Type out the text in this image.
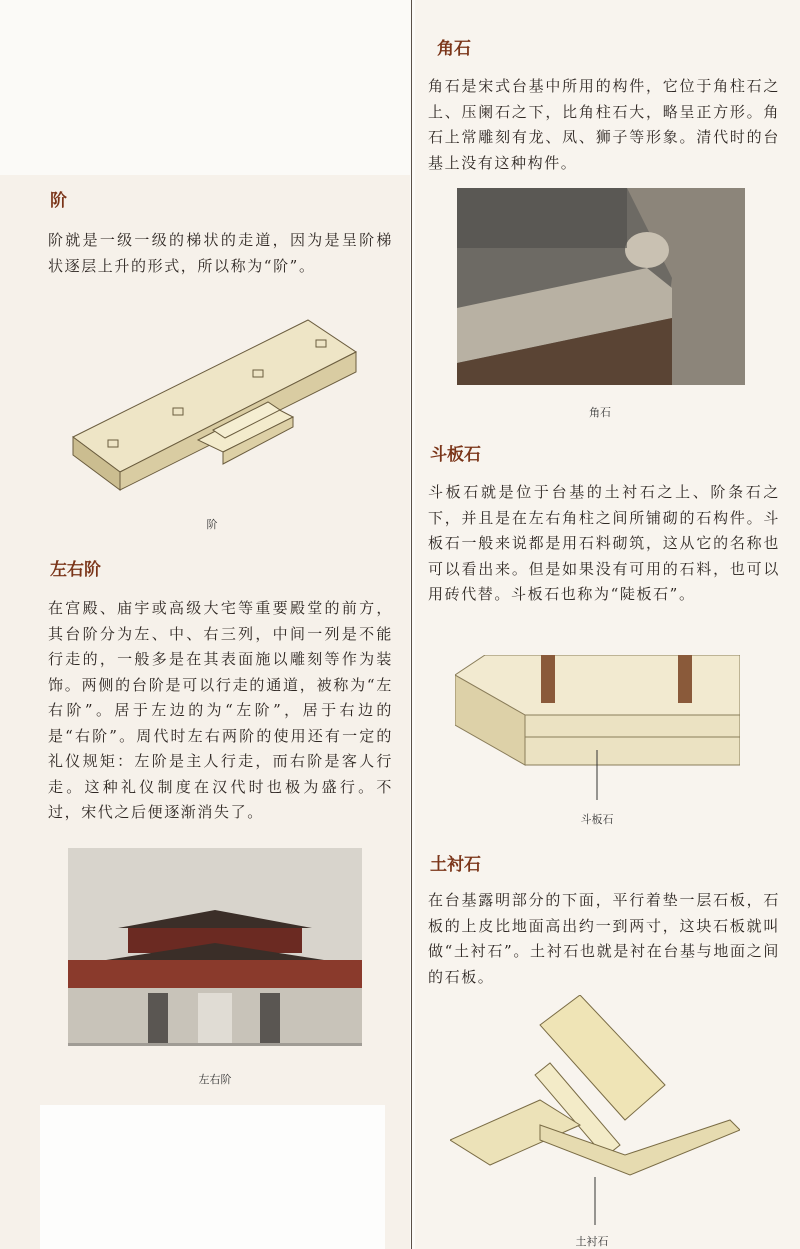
阶
阶就是一级一级的梯状的走道，因为是呈阶梯状逐层上升的形式，所以称为“阶”。
阶
左右阶
在宫殿、庙宇或高级大宅等重要殿堂的前方，其台阶分为左、中、右三列，中间一列是不能行走的，一般多是在其表面施以雕刻等作为装饰。两侧的台阶是可以行走的通道，被称为“左右阶”。居于左边的为“左阶”，居于右边的是“右阶”。周代时左右两阶的使用还有一定的礼仪规矩：左阶是主人行走，而右阶是客人行走。这种礼仪制度在汉代时也极为盛行。不过，宋代之后便逐渐消失了。
左右阶
角石
角石是宋式台基中所用的构件，它位于角柱石之上、压阑石之下，比角柱石大，略呈正方形。角石上常雕刻有龙、凤、狮子等形象。清代时的台基上没有这种构件。
角石
斗板石
斗板石就是位于台基的土衬石之上、阶条石之下，并且是在左右角柱之间所铺砌的石构件。斗板石一般来说都是用石料砌筑，这从它的名称也可以看出来。但是如果没有可用的石料，也可以用砖代替。斗板石也称为“陡板石”。
斗板石
土衬石
在台基露明部分的下面，平行着垫一层石板，石板的上皮比地面高出约一到两寸，这块石板就叫做“土衬石”。土衬石也就是衬在台基与地面之间的石板。
土衬石
